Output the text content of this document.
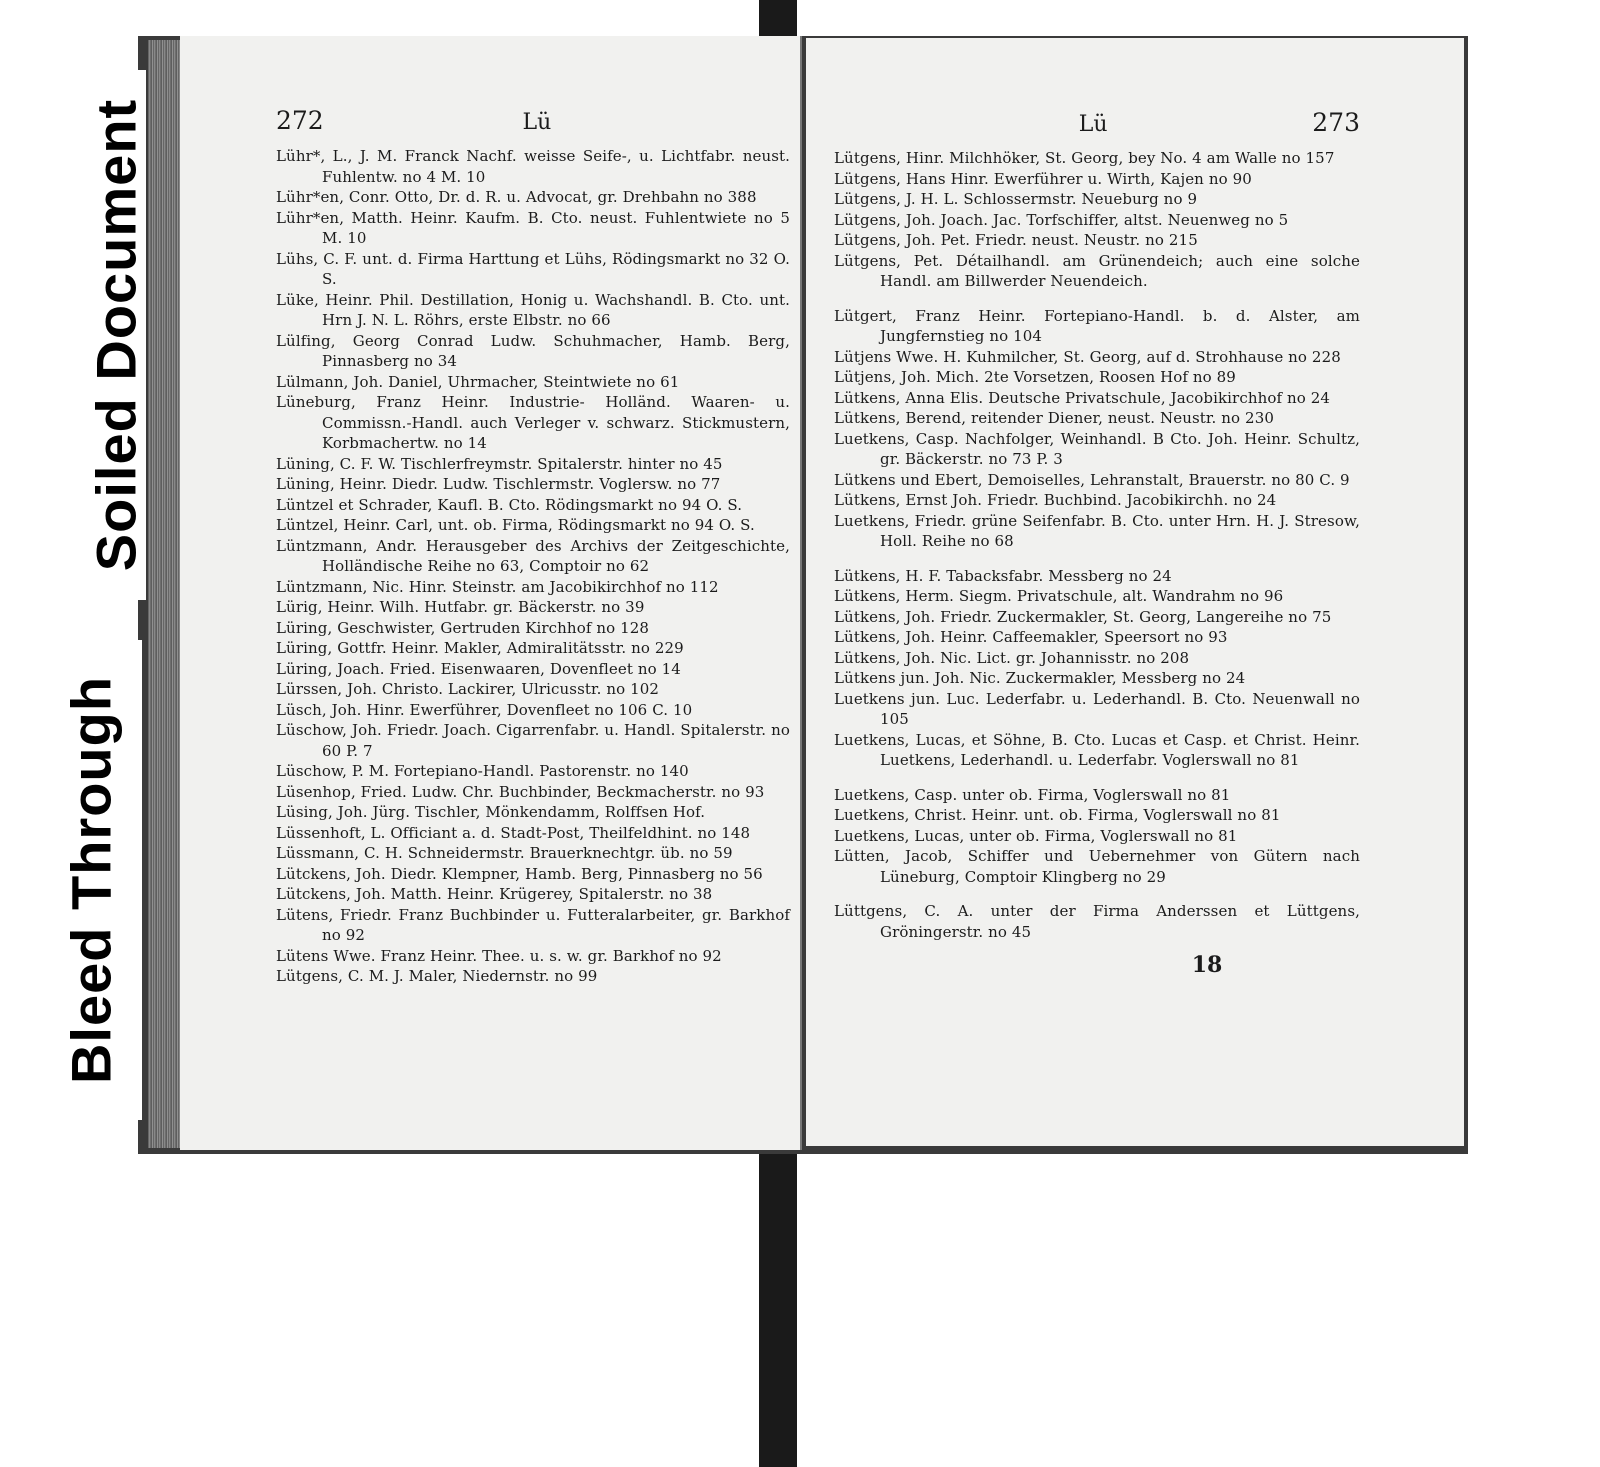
272	Lü
Lühr*, L., J. M. Franck Nachf. weisse Seife-, u. Lichtfabr. neust. Fuhlentw. no 4 M. 10
Lühr*en, Conr. Otto, Dr. d. R. u. Advocat, gr. Drehbahn no 388
Lühr*en, Matth. Heinr. Kaufm. B. Cto. neust. Fuhlentwiete no 5 M. 10
Lühs, C. F. unt. d. Firma Harttung et Lühs, Rödingsmarkt no 32 O. S.
Lüke, Heinr. Phil. Destillation, Honig u. Wachshandl. B. Cto. unt. Hrn J. N. L. Röhrs, erste Elbstr. no 66
Lülfing, Georg Conrad Ludw. Schuhmacher, Hamb. Berg, Pinnasberg no 34
Lülmann, Joh. Daniel, Uhrmacher, Steintwiete no 61
Lüneburg, Franz Heinr. Industrie- Holländ. Waaren- u. Commissn.-Handl. auch Verleger v. schwarz. Stickmustern, Korbmachertw. no 14
Lüning, C. F. W. Tischlerfreymstr. Spitalerstr. hinter no 45
Lüning, Heinr. Diedr. Ludw. Tischlermstr. Voglersw. no 77
Lüntzel et Schrader, Kaufl. B. Cto. Rödingsmarkt no 94 O. S.
Lüntzel, Heinr. Carl, unt. ob. Firma, Rödingsmarkt no 94 O. S.
Lüntzmann, Andr. Herausgeber des Archivs der Zeitgeschichte, Holländische Reihe no 63, Comptoir no 62
Lüntzmann, Nic. Hinr. Steinstr. am Jacobikirchhof no 112
Lürig, Heinr. Wilh. Hutfabr. gr. Bäckerstr. no 39
Lüring, Geschwister, Gertruden Kirchhof no 128
Lüring, Gottfr. Heinr. Makler, Admiralitätsstr. no 229
Lüring, Joach. Fried. Eisenwaaren, Dovenfleet no 14
Lürssen, Joh. Christo. Lackirer, Ulricusstr. no 102
Lüsch, Joh. Hinr. Ewerführer, Dovenfleet no 106 C. 10
Lüschow, Joh. Friedr. Joach. Cigarrenfabr. u. Handl. Spitalerstr. no 60 P. 7
Lüschow, P. M. Fortepiano-Handl. Pastorenstr. no 140
Lüsenhop, Fried. Ludw. Chr. Buchbinder, Beckmacherstr. no 93
Lüsing, Joh. Jürg. Tischler, Mönkendamm, Rolffsen Hof.
Lüssenhoft, L. Officiant a. d. Stadt-Post, Theilfeldhint. no 148
Lüssmann, C. H. Schneidermstr. Brauerknechtgr. üb. no 59
Lütckens, Joh. Diedr. Klempner, Hamb. Berg, Pinnasberg no 56
Lütckens, Joh. Matth. Heinr. Krügerey, Spitalerstr. no 38
Lütens, Friedr. Franz Buchbinder u. Futteralarbeiter, gr. Barkhof no 92
Lütens Wwe. Franz Heinr. Thee. u. s. w. gr. Barkhof no 92
Lütgens, C. M. J. Maler, Niedernstr. no 99
Lü	273
Lütgens, Hinr. Milchhöker, St. Georg, bey No. 4 am Walle no 157
Lütgens, Hans Hinr. Ewerführer u. Wirth, Kajen no 90
Lütgens, J. H. L. Schlossermstr. Neueburg no 9
Lütgens, Joh. Joach. Jac. Torfschiffer, altst. Neuenweg no 5
Lütgens, Joh. Pet. Friedr. neust. Neustr. no 215
Lütgens, Pet. Détailhandl. am Grünendeich; auch eine solche Handl. am Billwerder Neuendeich.
Lütgert, Franz Heinr. Fortepiano-Handl. b. d. Alster, am Jungfernstieg no 104
Lütjens Wwe. H. Kuhmilcher, St. Georg, auf d. Strohhause no 228
Lütjens, Joh. Mich. 2te Vorsetzen, Roosen Hof no 89
Lütkens, Anna Elis. Deutsche Privatschule, Jacobikirchhof no 24
Lütkens, Berend, reitender Diener, neust. Neustr. no 230
Luetkens, Casp. Nachfolger, Weinhandl. B Cto. Joh. Heinr. Schultz, gr. Bäckerstr. no 73 P. 3
Lütkens und Ebert, Demoiselles, Lehranstalt, Brauerstr. no 80 C. 9
Lütkens, Ernst Joh. Friedr. Buchbind. Jacobikirchh. no 24
Luetkens, Friedr. grüne Seifenfabr. B. Cto. unter Hrn. H. J. Stresow, Holl. Reihe no 68
Lütkens, H. F. Tabacksfabr. Messberg no 24
Lütkens, Herm. Siegm. Privatschule, alt. Wandrahm no 96
Lütkens, Joh. Friedr. Zuckermakler, St. Georg, Langereihe no 75
Lütkens, Joh. Heinr. Caffeemakler, Speersort no 93
Lütkens, Joh. Nic. Lict. gr. Johannisstr. no 208
Lütkens jun. Joh. Nic. Zuckermakler, Messberg no 24
Luetkens jun. Luc. Lederfabr. u. Lederhandl. B. Cto. Neuenwall no 105
Luetkens, Lucas, et Söhne, B. Cto. Lucas et Casp. et Christ. Heinr. Luetkens, Lederhandl. u. Lederfabr. Voglerswall no 81
Luetkens, Casp. unter ob. Firma, Voglerswall no 81
Luetkens, Christ. Heinr. unt. ob. Firma, Voglerswall no 81
Luetkens, Lucas, unter ob. Firma, Voglerswall no 81
Lütten, Jacob, Schiffer und Uebernehmer von Gütern nach Lüneburg, Comptoir Klingberg no 29
Lüttgens, C. A. unter der Firma Anderssen et Lüttgens, Gröningerstr. no 45
18
Soiled Document
Bleed Through
